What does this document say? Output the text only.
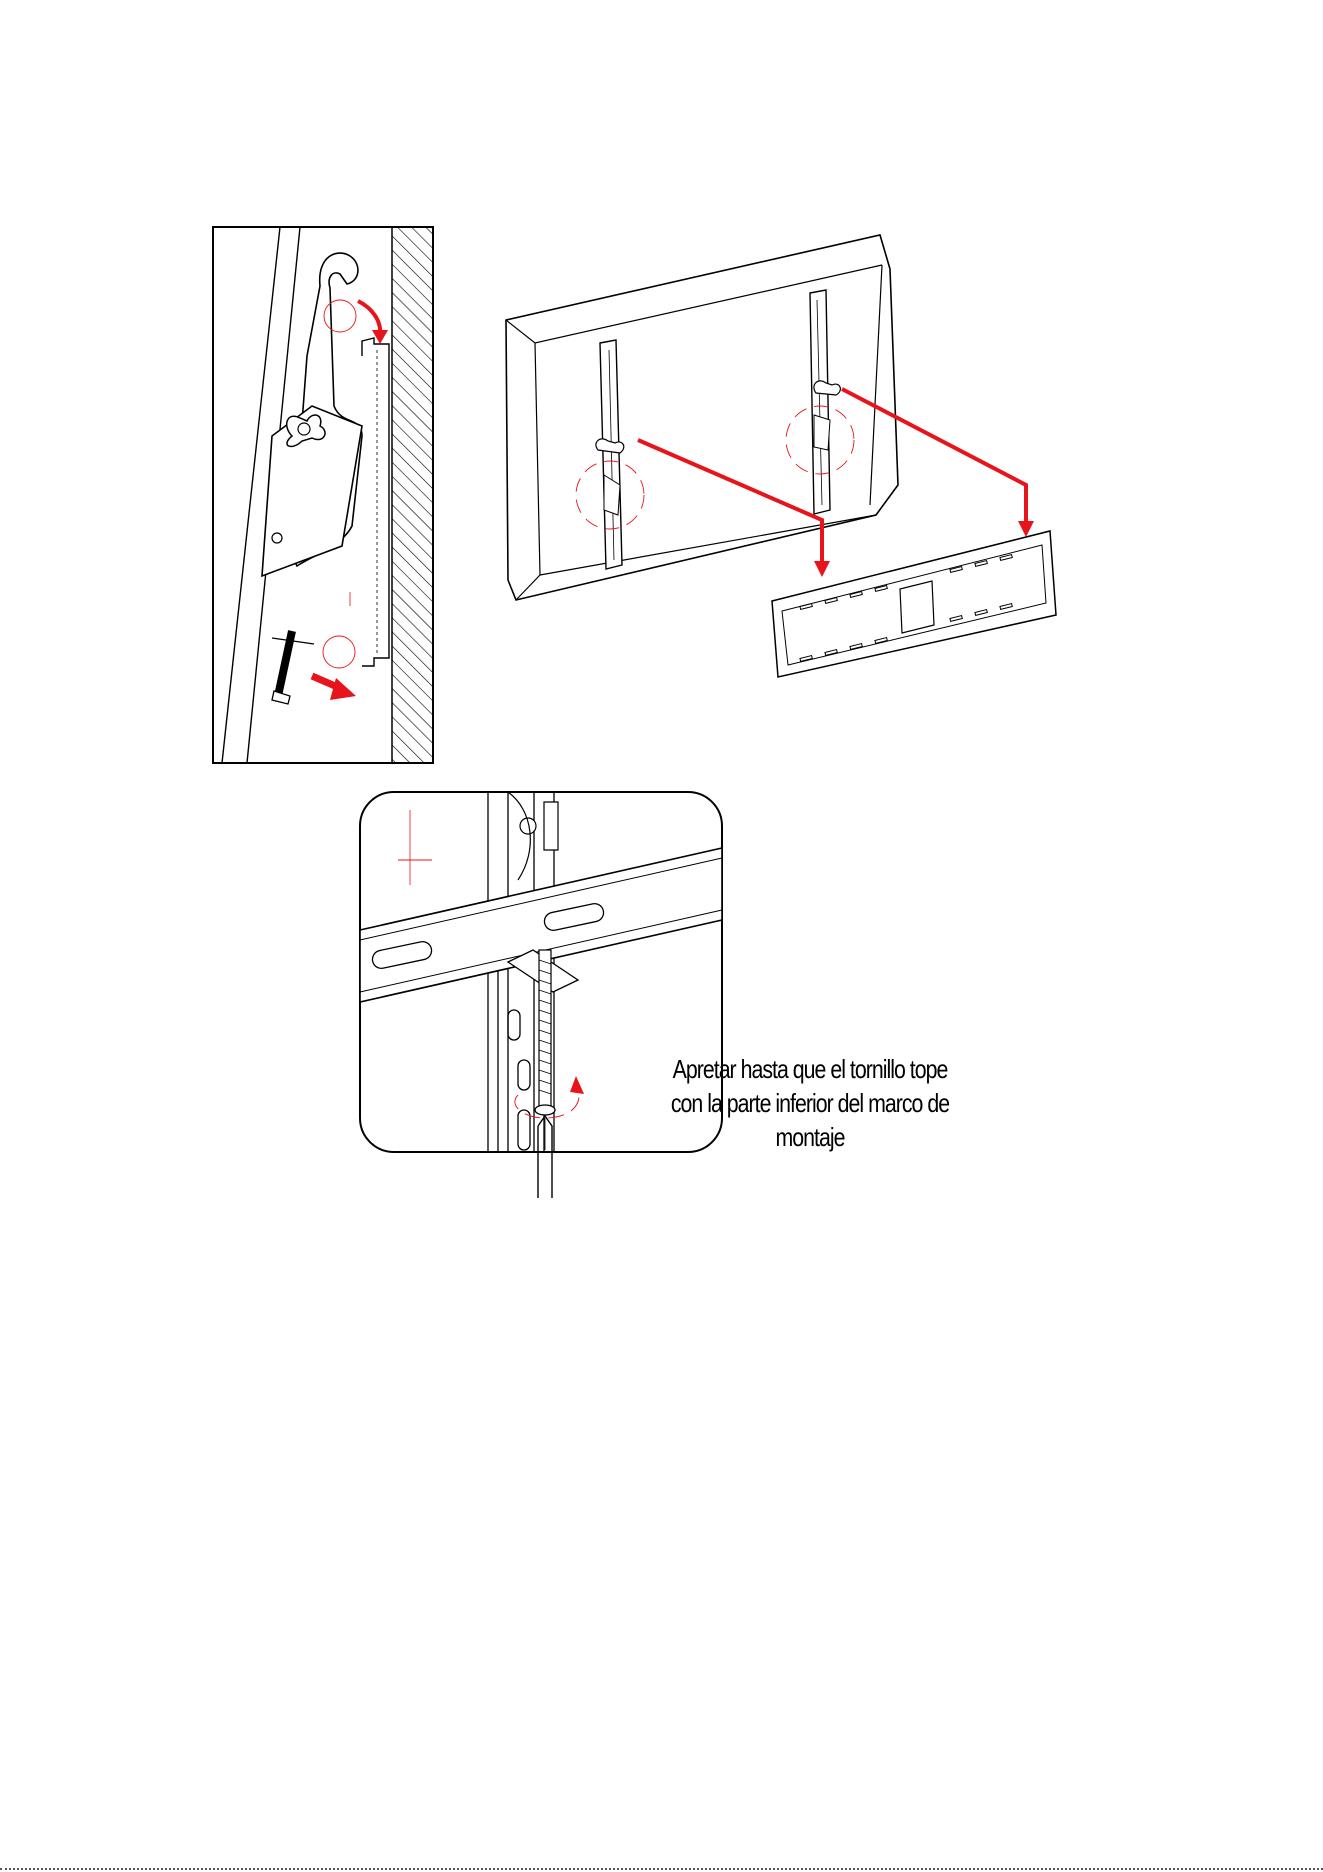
Apretar hasta que el tornillo tope
con la parte inferior del marco de montaje
